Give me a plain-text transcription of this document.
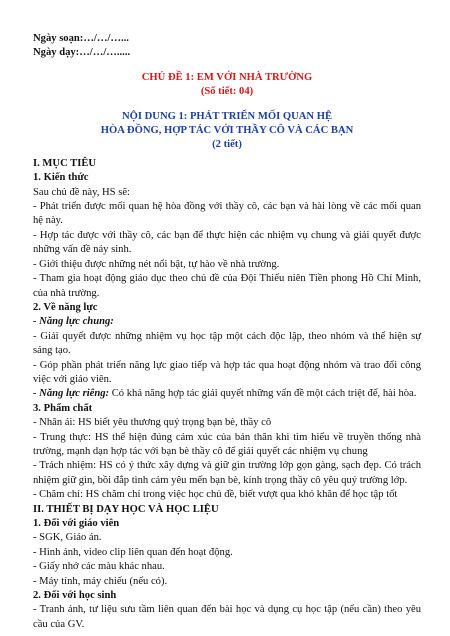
Ngày soạn:…/…/…...

Ngày dạy:…/…/….....

CHỦ ĐỀ 1: EM VỚI NHÀ TRƯỜNG

(Số tiết: 04)

NỘI DUNG 1: PHÁT TRIỂN MỐI QUAN HỆ

HÒA ĐỒNG, HỢP TÁC VỚI THẦY CÔ VÀ CÁC BẠN

(2 tiết)

I. MỤC TIÊU

1. Kiến thức

Sau chủ đề này, HS sẽ:

- Phát triển được mối quan hệ hòa đồng với thầy cô, các bạn và hài lòng về các mối quan hệ này.

- Hợp tác được với thầy cô, các bạn để thực hiện các nhiệm vụ chung và giải quyết được những vấn đề nảy sinh.

- Giới thiệu được những nét nổi bật, tự hào về nhà trường.

- Tham gia hoạt động giáo dục theo chủ đề của Đội Thiếu niên Tiền phong Hồ Chí Minh, của nhà trường.

2. Về năng lực

- Năng lực chung:

- Giải quyết được những nhiệm vụ học tập một cách độc lập, theo nhóm và thể hiện sự sáng tạo.

- Góp phần phát triển năng lực giao tiếp và hợp tác qua hoạt động nhóm và trao đổi công việc với giáo viên.

- Năng lực riêng: Có khả năng hợp tác giải quyết những vấn đề một cách triệt để, hài hòa.

3. Phẩm chất

- Nhân ái: HS biết yêu thương quý trọng bạn bè, thầy cô

- Trung thực: HS thể hiện đúng cảm xúc của bản thân khi tìm hiểu về truyền thống nhà trường, mạnh dạn hợp tác với bạn bè thầy cô để giải quyết các nhiệm vụ chung

- Trách nhiệm: HS có ý thức xây dựng và giữ gìn trường lớp gọn gàng, sạch đẹp. Có trách nhiệm giữ gìn, bồi đắp tình cảm yêu mến bạn bè, kính trọng thầy cô yêu quý trường lớp.

- Chăm chỉ: HS chăm chỉ trong việc học chủ đề, biết vượt qua khó khăn để học tập tốt

II. THIẾT BỊ DẠY HỌC VÀ HỌC LIỆU

1. Đối với giáo viên

- SGK, Giáo án.

- Hình ảnh, video clip liên quan đến hoạt động.

- Giấy nhớ các màu khác nhau.

- Máy tính, máy chiếu (nếu có).

2. Đối với học sinh

- Tranh ảnh, tư liệu sưu tầm liên quan đến bài học và dụng cụ học tập (nếu cần) theo yêu cầu của GV.
